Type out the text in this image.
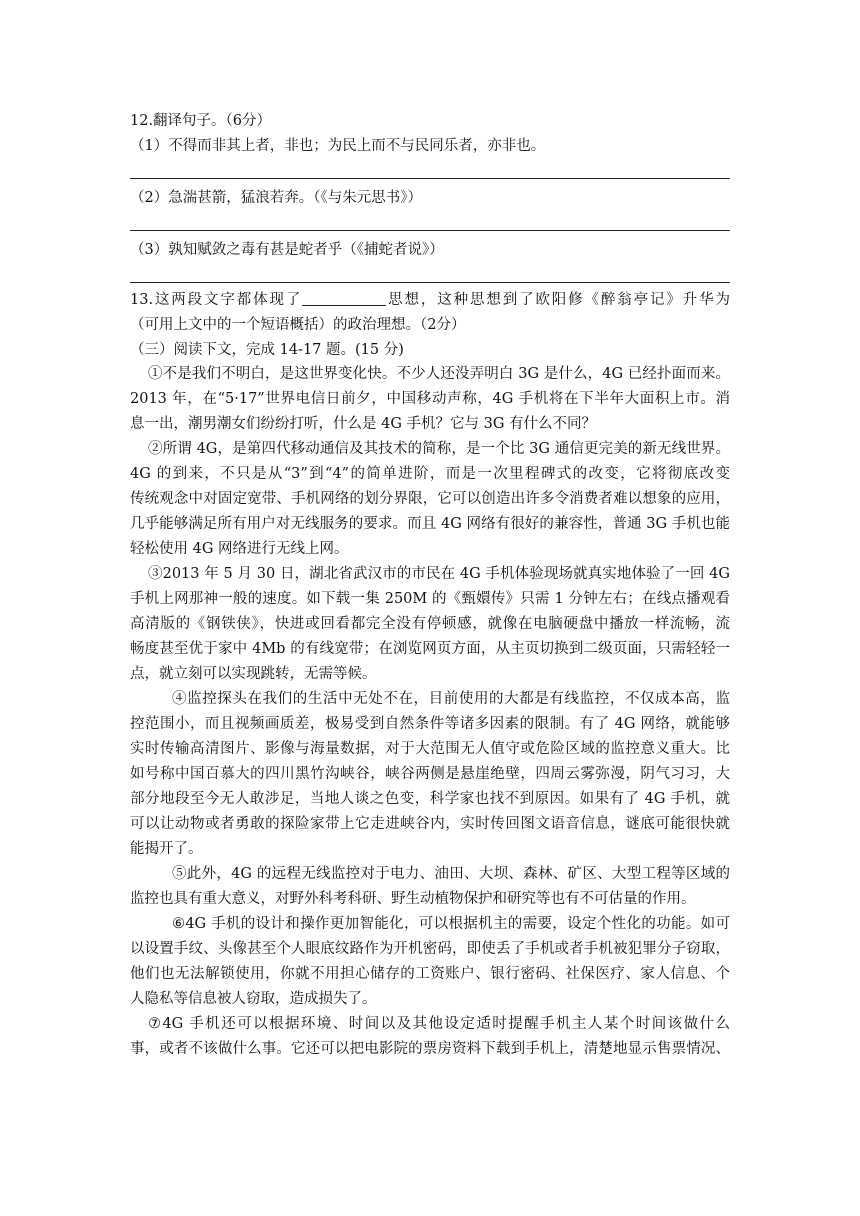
12.翻译句子。（6分）
（1）不得而非其上者，非也；为民上而不与民同乐者，亦非也。
（2）急湍甚箭，猛浪若奔。（《与朱元思书》）
（3）孰知赋敛之毒有甚是蛇者乎（《捕蛇者说》）
13.这两段文字都体现了	思想，这种思想到了欧阳修《醉翁亭记》升华为
（可用上文中的一个短语概括）的政治理想。（2分）
（三）阅读下文，完成 14-17 题。(15 分)
①不是我们不明白，是这世界变化快。不少人还没弄明白 3G 是什么，4G 已经扑面而来。
2013 年，在“5·17”世界电信日前夕，中国移动声称，4G 手机将在下半年大面积上市。消
息一出，潮男潮女们纷纷打听，什么是 4G 手机？它与 3G 有什么不同？
②所谓 4G，是第四代移动通信及其技术的简称，是一个比 3G 通信更完美的新无线世界。
4G 的到来，不只是从“3”到“4”的简单进阶，而是一次里程碑式的改变，它将彻底改变
传统观念中对固定宽带、手机网络的划分界限，它可以创造出许多令消费者难以想象的应用，
几乎能够满足所有用户对无线服务的要求。而且 4G 网络有很好的兼容性，普通 3G 手机也能
轻松使用 4G 网络进行无线上网。
③2013 年 5 月 30 日，湖北省武汉市的市民在 4G 手机体验现场就真实地体验了一回 4G
手机上网那神一般的速度。如下载一集 250M 的《甄嬛传》只需 1 分钟左右；在线点播观看
高清版的《钢铁侠》，快进或回看都完全没有停顿感，就像在电脑硬盘中播放一样流畅，流
畅度甚至优于家中 4Mb 的有线宽带；在浏览网页方面，从主页切换到二级页面，只需轻轻一
点，就立刻可以实现跳转，无需等候。
④监控探头在我们的生活中无处不在，目前使用的大都是有线监控，不仅成本高，监
控范围小，而且视频画质差，极易受到自然条件等诸多因素的限制。有了 4G 网络，就能够
实时传输高清图片、影像与海量数据，对于大范围无人值守或危险区域的监控意义重大。比
如号称中国百慕大的四川黑竹沟峡谷，峡谷两侧是悬崖绝壁，四周云雾弥漫，阴气习习，大
部分地段至今无人敢涉足，当地人谈之色变，科学家也找不到原因。如果有了 4G 手机，就
可以让动物或者勇敢的探险家带上它走进峡谷内，实时传回图文语音信息，谜底可能很快就
能揭开了。
⑤此外，4G 的远程无线监控对于电力、油田、大坝、森林、矿区、大型工程等区域的
监控也具有重大意义，对野外科考科研、野生动植物保护和研究等也有不可估量的作用。
⑥4G 手机的设计和操作更加智能化，可以根据机主的需要，设定个性化的功能。如可
以设置手纹、头像甚至个人眼底纹路作为开机密码，即使丢了手机或者手机被犯罪分子窃取，
他们也无法解锁使用，你就不用担心储存的工资账户、银行密码、社保医疗、家人信息、个
人隐私等信息被人窃取，造成损失了。
⑦4G 手机还可以根据环境、时间以及其他设定适时提醒手机主人某个时间该做什么
事，或者不该做什么事。它还可以把电影院的票房资料下载到手机上，清楚地显示售票情况、
